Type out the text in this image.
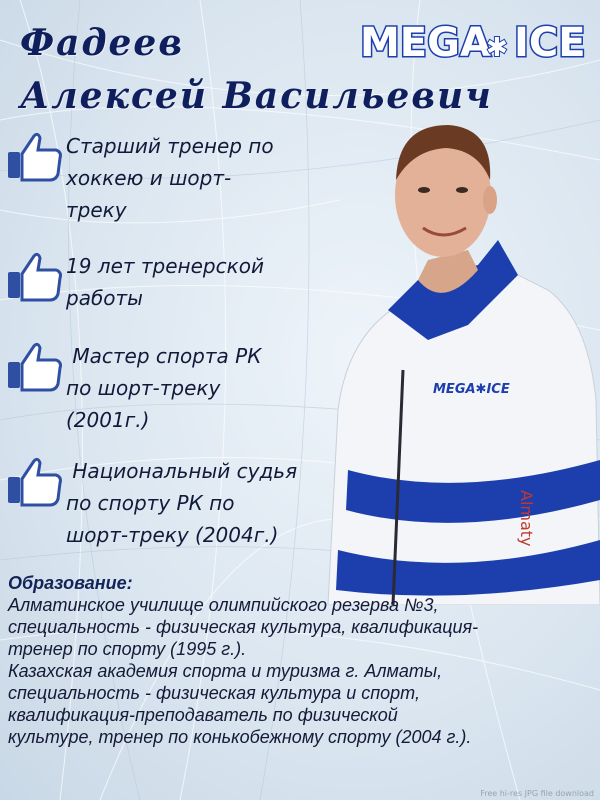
Фадеев
Алексей Васильевич
MEGA
✱ ICE
Старший тренер по
хоккею и шорт-
треку
19 лет тренерской
работы
Мастер спорта РК
по шорт-треку
(2001г.)
Национальный судья
по спорту РК по
шорт-треку (2004г.)
MEGA✱ICE
Almaty
Образование:
Алматинское училище олимпийского резерва №3,
специальность - физическая культура, квалификация-
тренер по спорту (1995 г.).
Казахская академия спорта и туризма г. Алматы,
специальность - физическая культура и спорт,
квалификация-преподаватель по физической
культуре, тренер по конькобежному спорту (2004 г.).
Free hi-res JPG file download
